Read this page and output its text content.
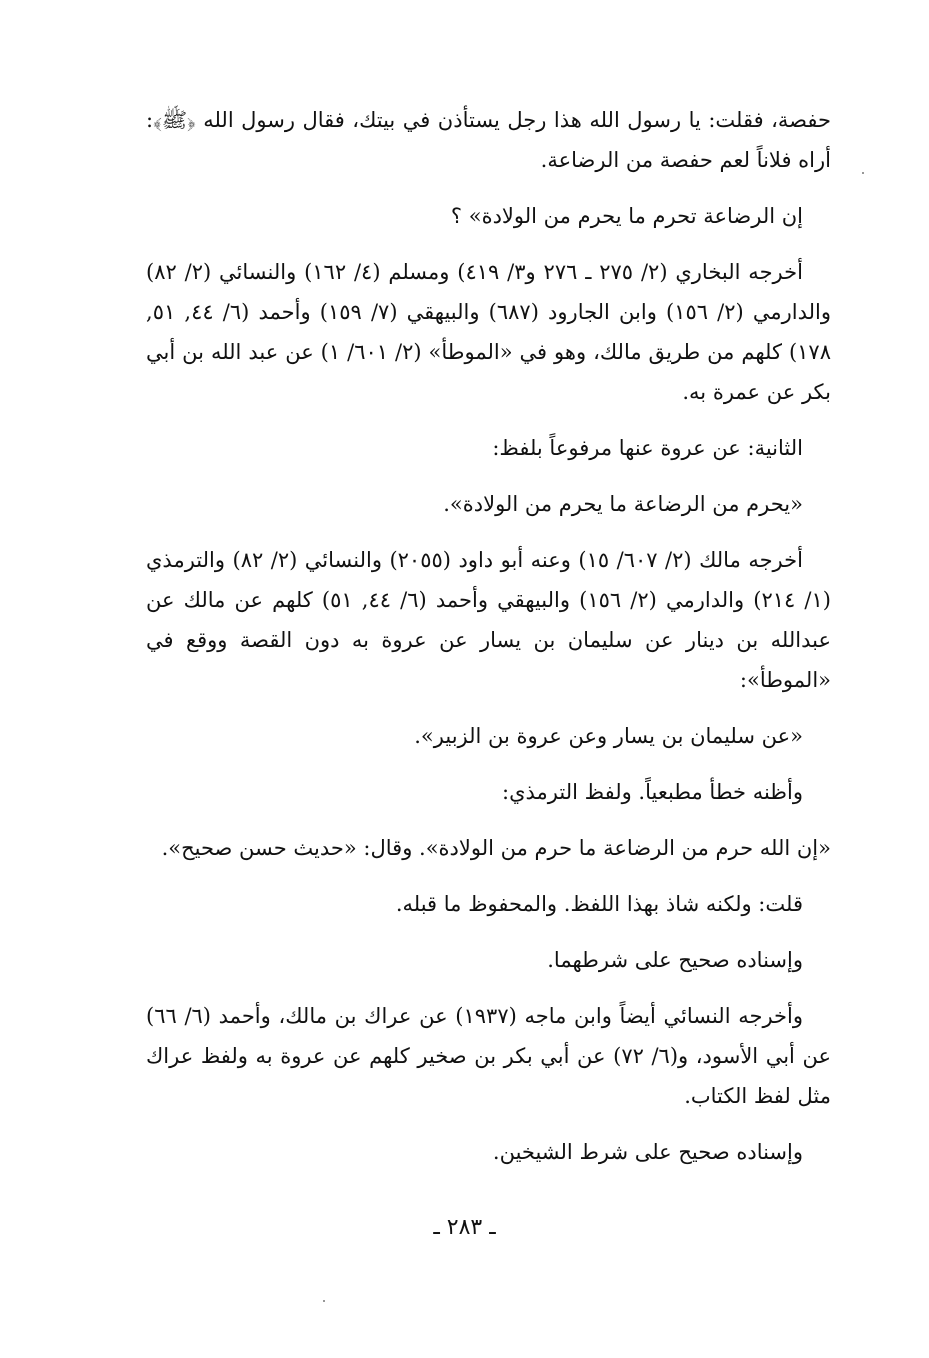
حفصة، فقلت: يا رسول الله هذا رجل يستأذن في بيتك، فقال رسول الله ﴿ﷺ﴾: أراه فلاناً لعم حفصة من الرضاعة.

إن الرضاعة تحرم ما يحرم من الولادة» ؟

أخرجه البخاري (٢/ ٢٧٥ ـ ٢٧٦ و٣/ ٤١٩) ومسلم (٤/ ١٦٢) والنسائي (٢/ ٨٢) والدارمي (٢/ ١٥٦) وابن الجارود (٦٨٧) والبيهقي (٧/ ١٥٩) وأحمد (٦/ ٤٤, ٥١, ١٧٨) كلهم من طريق مالك، وهو في «الموطأ» (٢/ ٦٠١/ ١) عن عبد الله بن أبي بكر عن عمرة به.

الثانية: عن عروة عنها مرفوعاً بلفظ:

«يحرم من الرضاعة ما يحرم من الولادة».

أخرجه مالك (٢/ ٦٠٧/ ١٥) وعنه أبو داود (٢٠٥٥) والنسائي (٢/ ٨٢) والترمذي (١/ ٢١٤) والدارمي (٢/ ١٥٦) والبيهقي وأحمد (٦/ ٤٤, ٥١) كلهم عن مالك عن عبدالله بن دينار عن سليمان بن يسار عن عروة به دون القصة ووقع في «الموطأ»:

«عن سليمان بن يسار وعن عروة بن الزبير».

وأظنه خطأ مطبعياً. ولفظ الترمذي:

«إن الله حرم من الرضاعة ما حرم من الولادة». وقال: «حديث حسن صحيح».

قلت: ولكنه شاذ بهذا اللفظ. والمحفوظ ما قبله.

وإسناده صحيح على شرطهما.

وأخرجه النسائي أيضاً وابن ماجه (١٩٣٧) عن عراك بن مالك، وأحمد (٦/ ٦٦) عن أبي الأسود، و(٦/ ٧٢) عن أبي بكر بن صخير كلهم عن عروة به ولفظ عراك مثل لفظ الكتاب.

وإسناده صحيح على شرط الشيخين.

ـ ٢٨٣ ـ
